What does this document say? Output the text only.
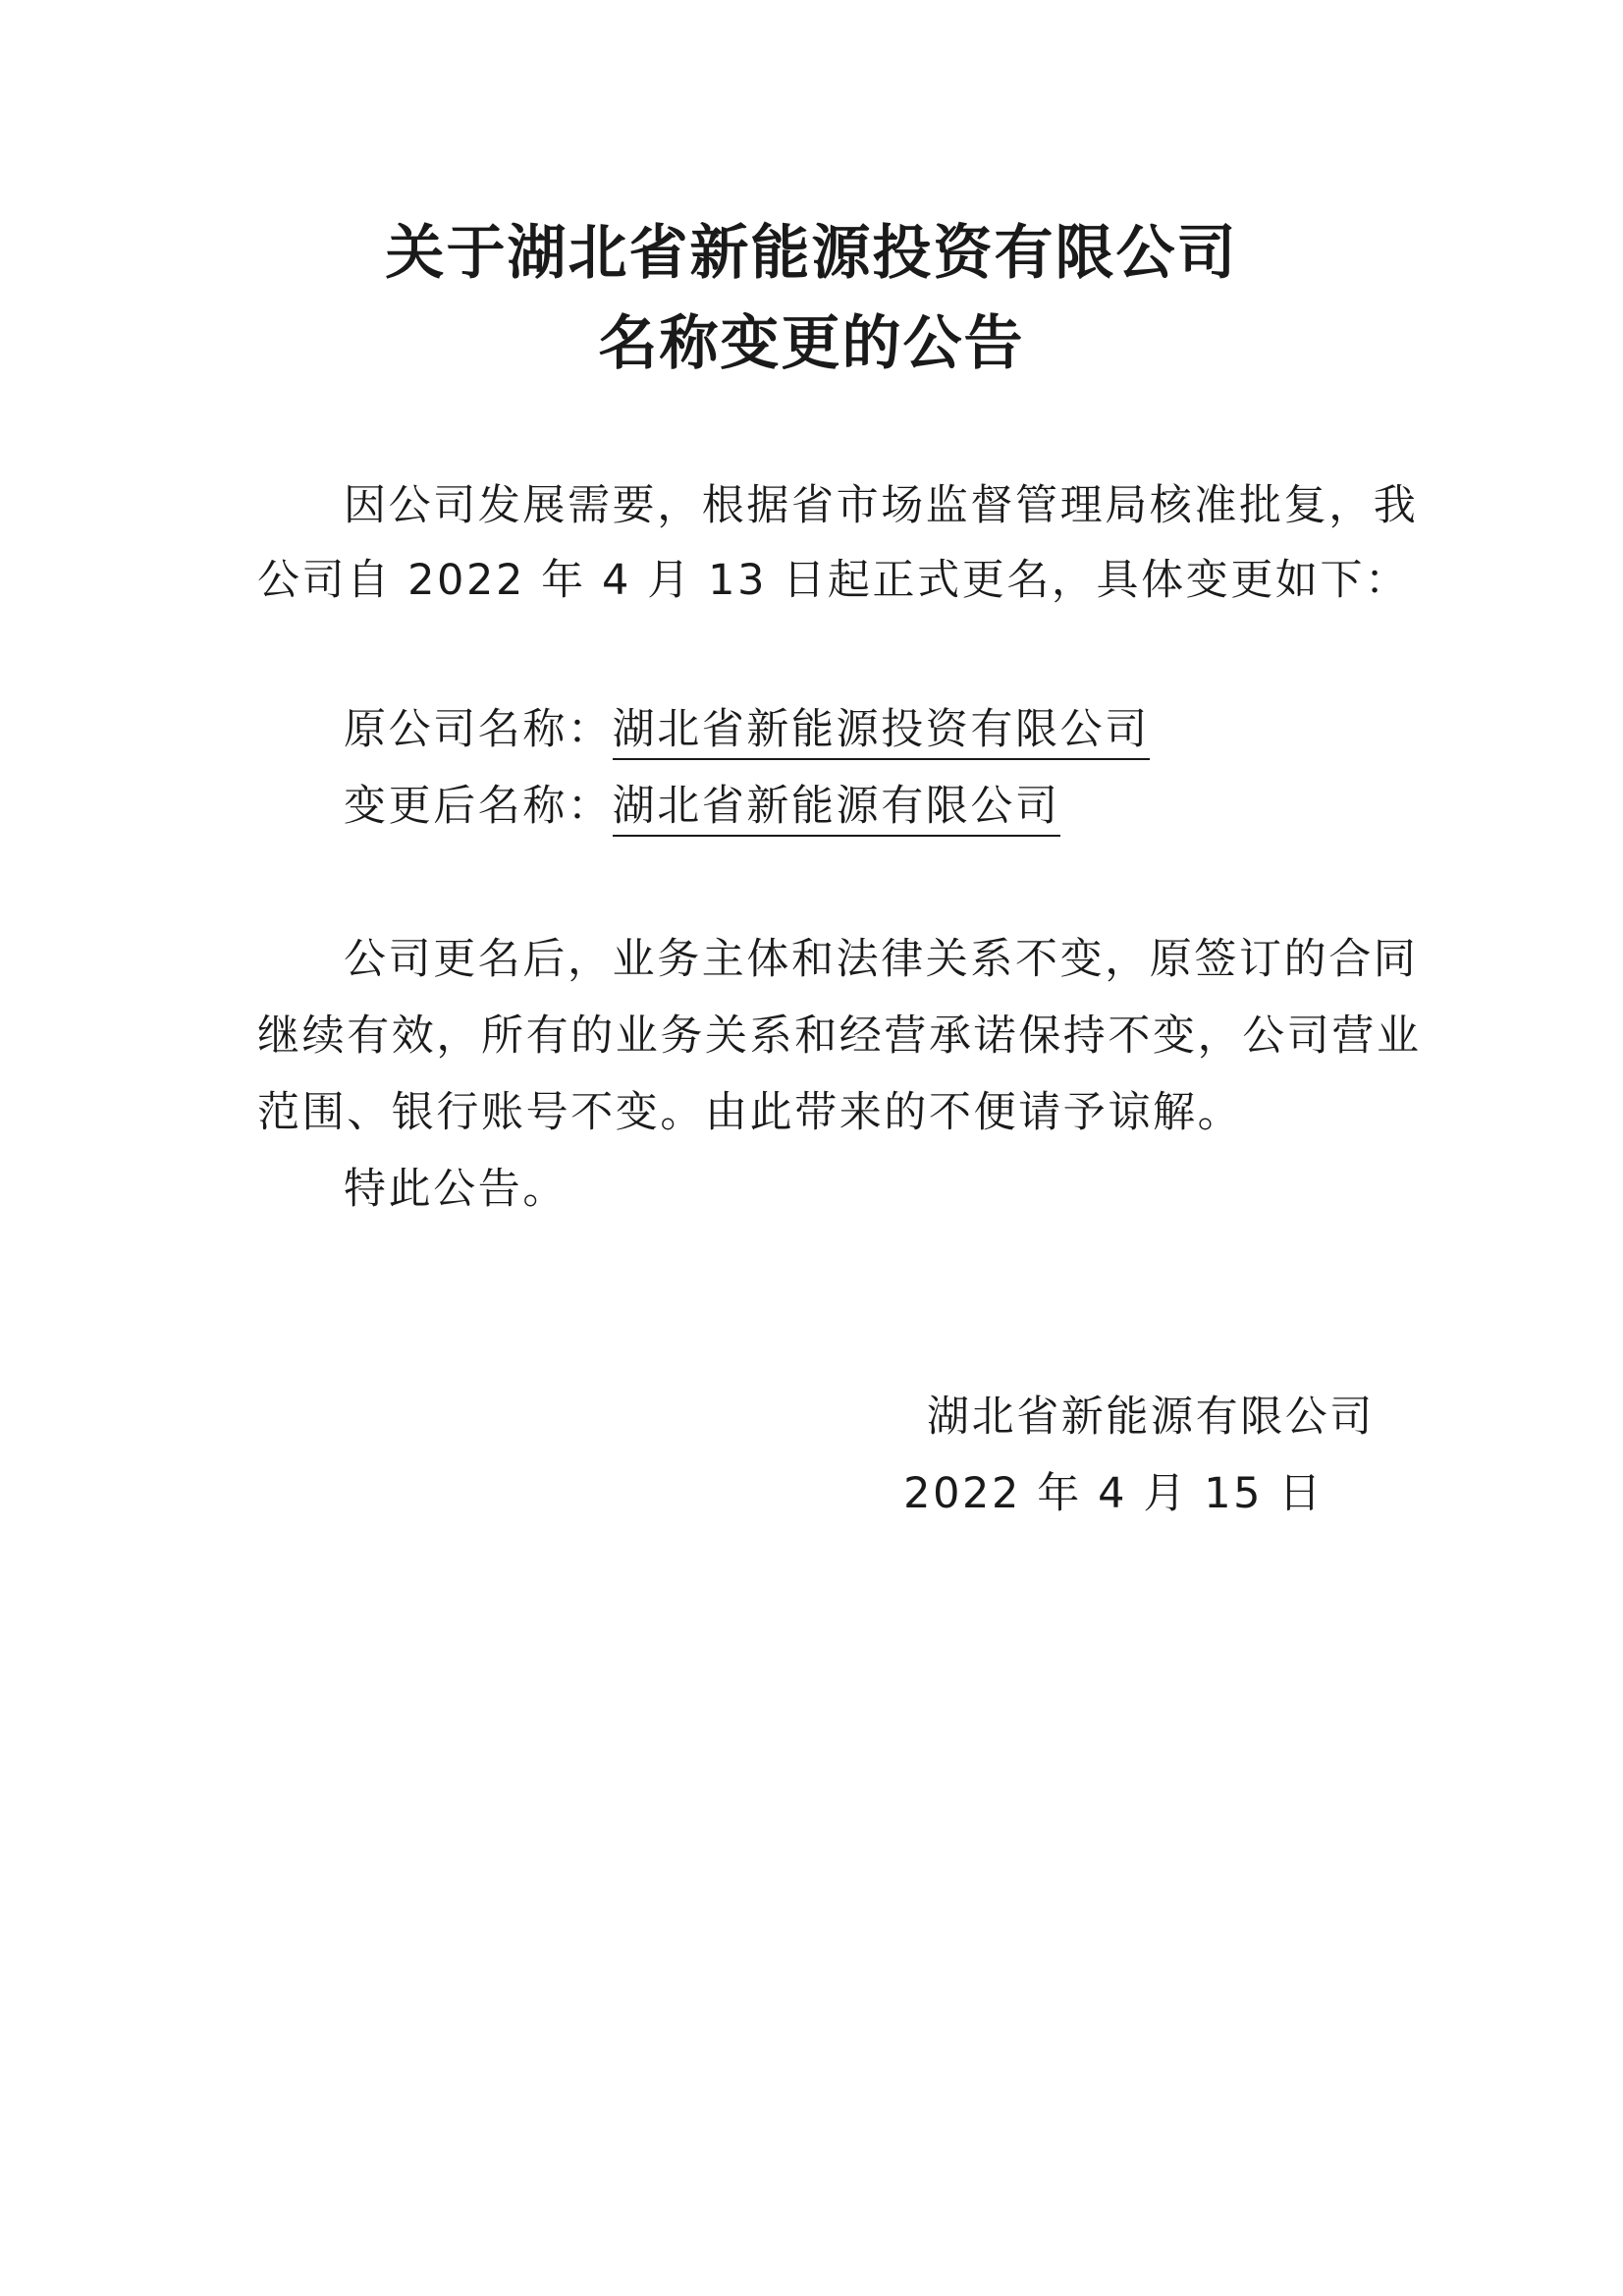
关于湖北省新能源投资有限公司
名称变更的公告
因公司发展需要，根据省市场监督管理局核准批复，我
公司自 2022 年 4 月 13 日起正式更名，具体变更如下：
原公司名称：湖北省新能源投资有限公司
变更后名称：湖北省新能源有限公司
公司更名后，业务主体和法律关系不变，原签订的合同
继续有效，所有的业务关系和经营承诺保持不变，公司营业
范围、银行账号不变。由此带来的不便请予谅解。
特此公告。
湖北省新能源有限公司
2022 年 4 月 15 日
